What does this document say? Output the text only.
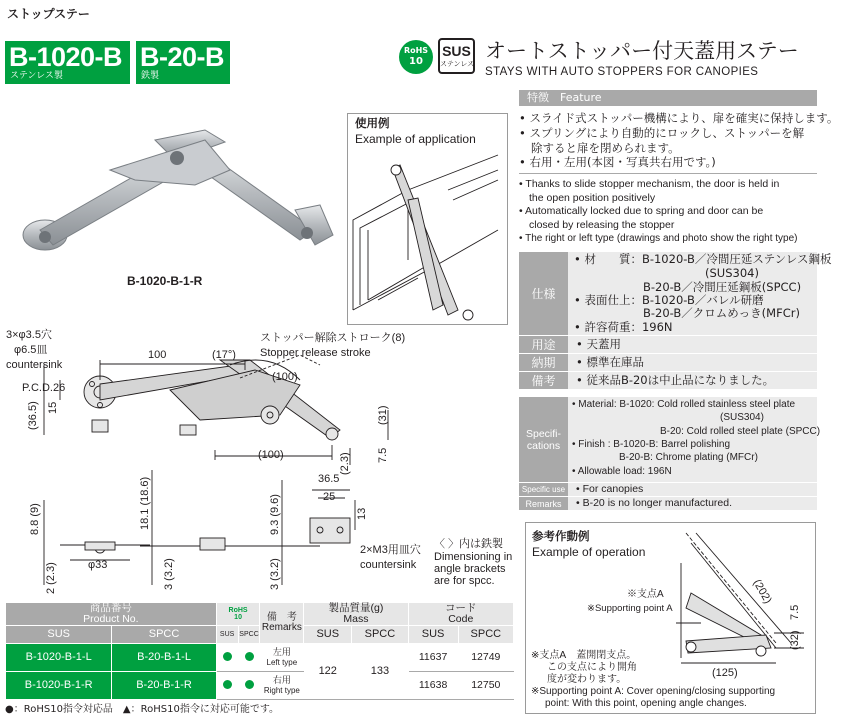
ストップステー
B-1020-B
ステンレス製
B-20-B
鉄製
RoHS
10
SUS
ステンレス
オートストッパー付天蓋用ステー
STAYS WITH AUTO STOPPERS FOR CANOPIES
B-1020-B-1-R
使用例
Example of application
特徴　Feature
• スライド式ストッパー機構により、扉を確実に保持します。
• スプリングにより自動的にロックし、ストッパーを解
除すると扉を閉められます。
• 右用・左用(本図・写真共右用です。)
• Thanks to slide stopper mechanism, the door is held in
the open position positively
• Automatically locked due to spring and door can be
closed by releasing the stopper
• The right or left type (drawings and photo show the right type)
仕様
• 材　　質：B-1020-B／冷間圧延ステンレス鋼板
(SUS304)
B-20-B／冷間圧延鋼板(SPCC)
• 表面仕上：B-1020-B／バレル研磨
B-20-B／クロムめっき(MFCr)
• 許容荷重：196N
用途	• 天蓋用
納期	• 標準在庫品
備考	• 従来品B-20は中止品になりました。
Specifi-
cations
• Material: B-1020: Cold rolled stainless steel plate
(SUS304)
B-20: Cold rolled steel plate (SPCC)
• Finish : B-1020-B: Barrel polishing
B-20-B: Chrome plating (MFCr)
• Allowable load: 196N
Specific use	• For canopies
Remarks	• B-20 is no longer manufactured.
3×φ3.5穴
φ6.5皿
countersink
P.C.D.26
ストッパー解除ストローク(8)
Stopper release stroke
100	(17°)
(100)
(100)
(36.5) 15	(31)
(2.3) 7.5
8.8 (9)	18.1 (18.6)	9.3 (9.6)
36.5
25
13
3 (3.2)	3 (3.2)
2 (2.3)	φ33
2×M3用皿穴
countersink
〈 〉内は鉄製
Dimensioning in
angle brackets
are for spcc.
参考作動例
Example of operation
※支点A
※Supporting point A
(202)
7.5
(32)
(125)
※支点A　蓋開閉支点。
この支点により開角
度が変わります。
※Supporting point A: Cover opening/closing supporting
point: With this point, opening angle changes.
商品番号
Product No.		RoHS
10		備　考
Remarks	製品質量(g)
Mass		コード
Code	
SUS	SPCC	SUS	SPCC		SUS	SPCC	SUS	SPCC
B-1020-B-1-L	B-20-B-1-L			左用
Left type	122	133	11637	12749
B-1020-B-1-R	B-20-B-1-R			右用
Right type			11638	12750
●：RoHS10指令対応品　▲：RoHS10指令に対応可能です。
